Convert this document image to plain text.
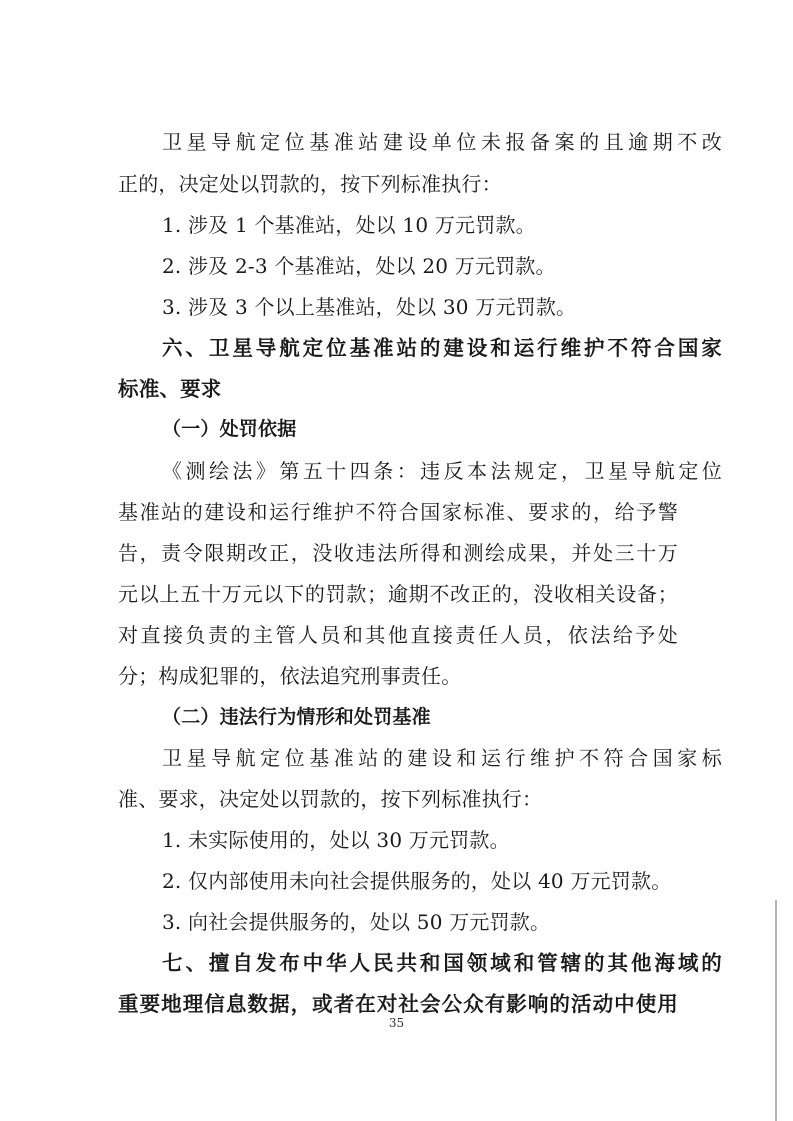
卫星导航定位基准站建设单位未报备案的且逾期不改
正的，决定处以罚款的，按下列标准执行：
1. 涉及 1 个基准站，处以 10 万元罚款。
2. 涉及 2-3 个基准站，处以 20 万元罚款。
3. 涉及 3 个以上基准站，处以 30 万元罚款。
六、卫星导航定位基准站的建设和运行维护不符合国家
标准、要求
（一）处罚依据
《测绘法》第五十四条：违反本法规定，卫星导航定位
基准站的建设和运行维护不符合国家标准、要求的，给予警
告，责令限期改正，没收违法所得和测绘成果，并处三十万
元以上五十万元以下的罚款；逾期不改正的，没收相关设备；
对直接负责的主管人员和其他直接责任人员，依法给予处
分；构成犯罪的，依法追究刑事责任。
（二）违法行为情形和处罚基准
卫星导航定位基准站的建设和运行维护不符合国家标
准、要求，决定处以罚款的，按下列标准执行：
1. 未实际使用的，处以 30 万元罚款。
2. 仅内部使用未向社会提供服务的，处以 40 万元罚款。
3. 向社会提供服务的，处以 50 万元罚款。
七、擅自发布中华人民共和国领域和管辖的其他海域的
重要地理信息数据，或者在对社会公众有影响的活动中使用
35
